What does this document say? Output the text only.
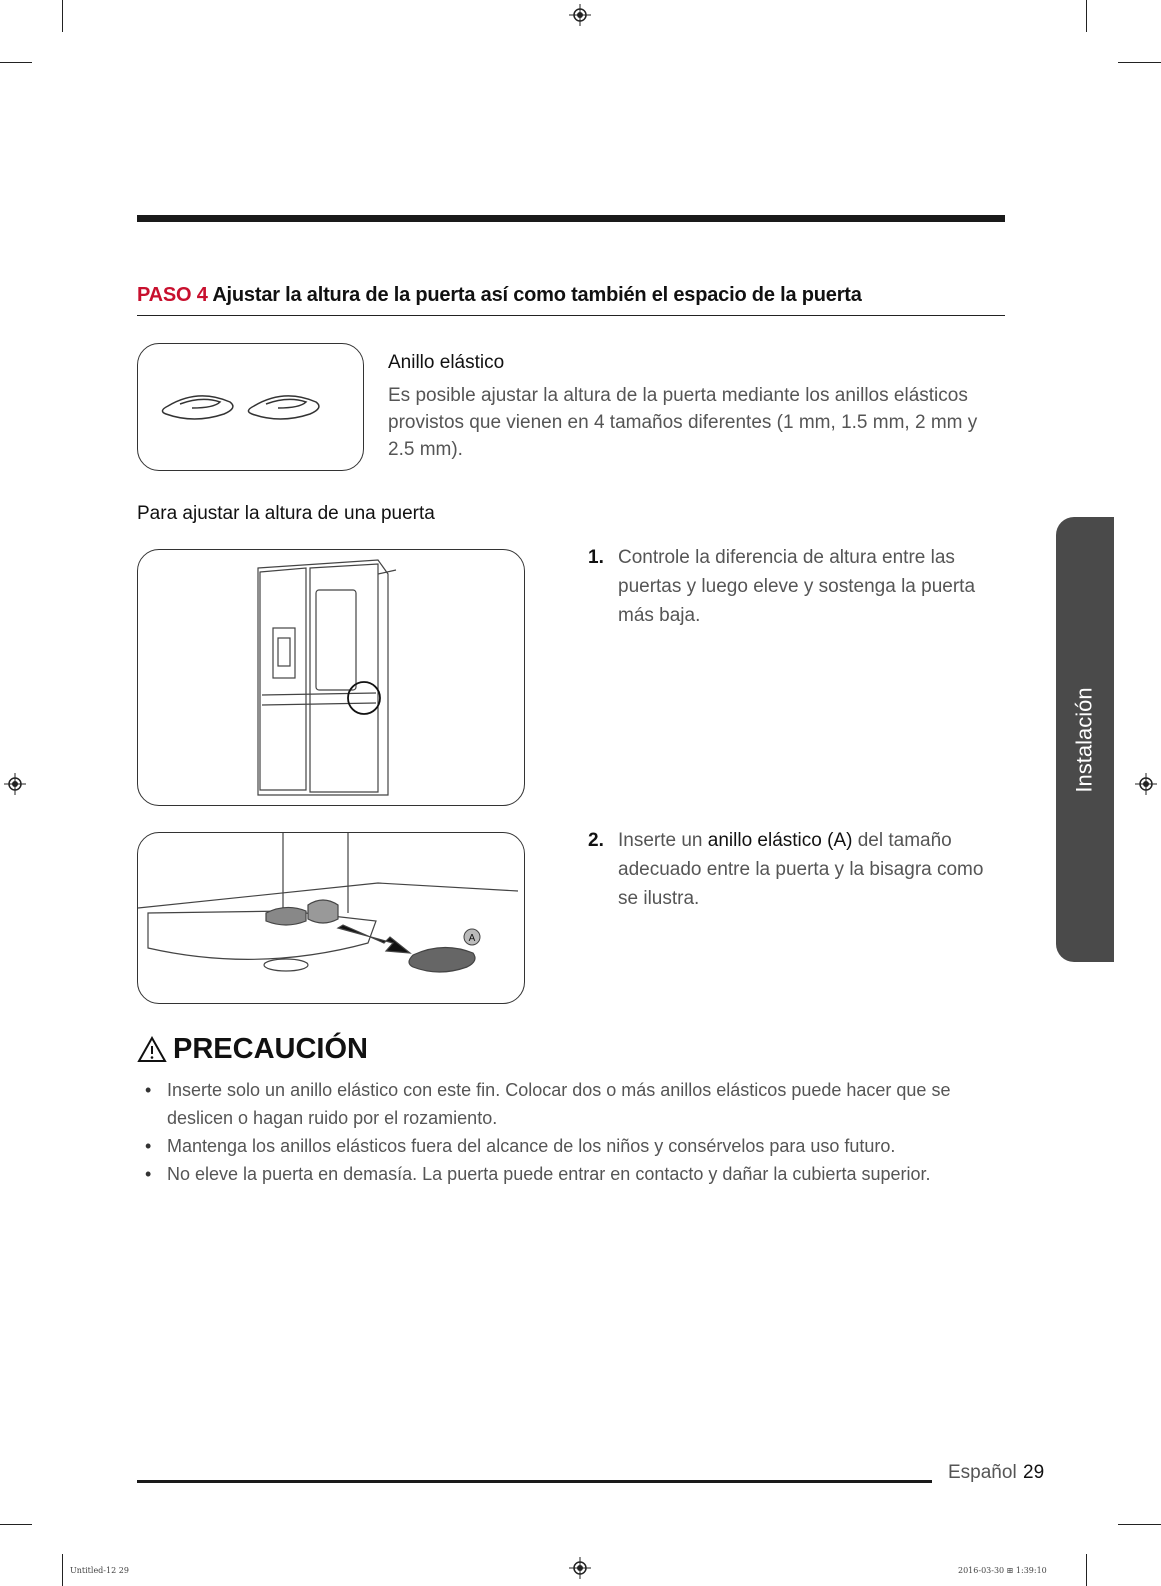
PASO 4 Ajustar la altura de la puerta así como también el espacio de la puerta
Anillo elástico
Es posible ajustar la altura de la puerta mediante los anillos elásticos provistos que vienen en 4 tamaños diferentes (1 mm, 1.5 mm, 2 mm y 2.5 mm).
Para ajustar la altura de una puerta
A
1. Controle la diferencia de altura entre las puertas y luego eleve y sostenga la puerta más baja.
2. Inserte un anillo elástico (A) del tamaño adecuado entre la puerta y la bisagra como se ilustra.
PRECAUCIÓN
• Inserte solo un anillo elástico con este fin. Colocar dos o más anillos elásticos puede hacer que se deslicen o hagan ruido por el rozamiento.
• Mantenga los anillos elásticos fuera del alcance de los niños y consérvelos para uso futuro.
• No eleve la puerta en demasía. La puerta puede entrar en contacto y dañar la cubierta superior.
Instalación
Español 29
Untitled-12 29	2016-03-30 ⊞ 1:39:10
